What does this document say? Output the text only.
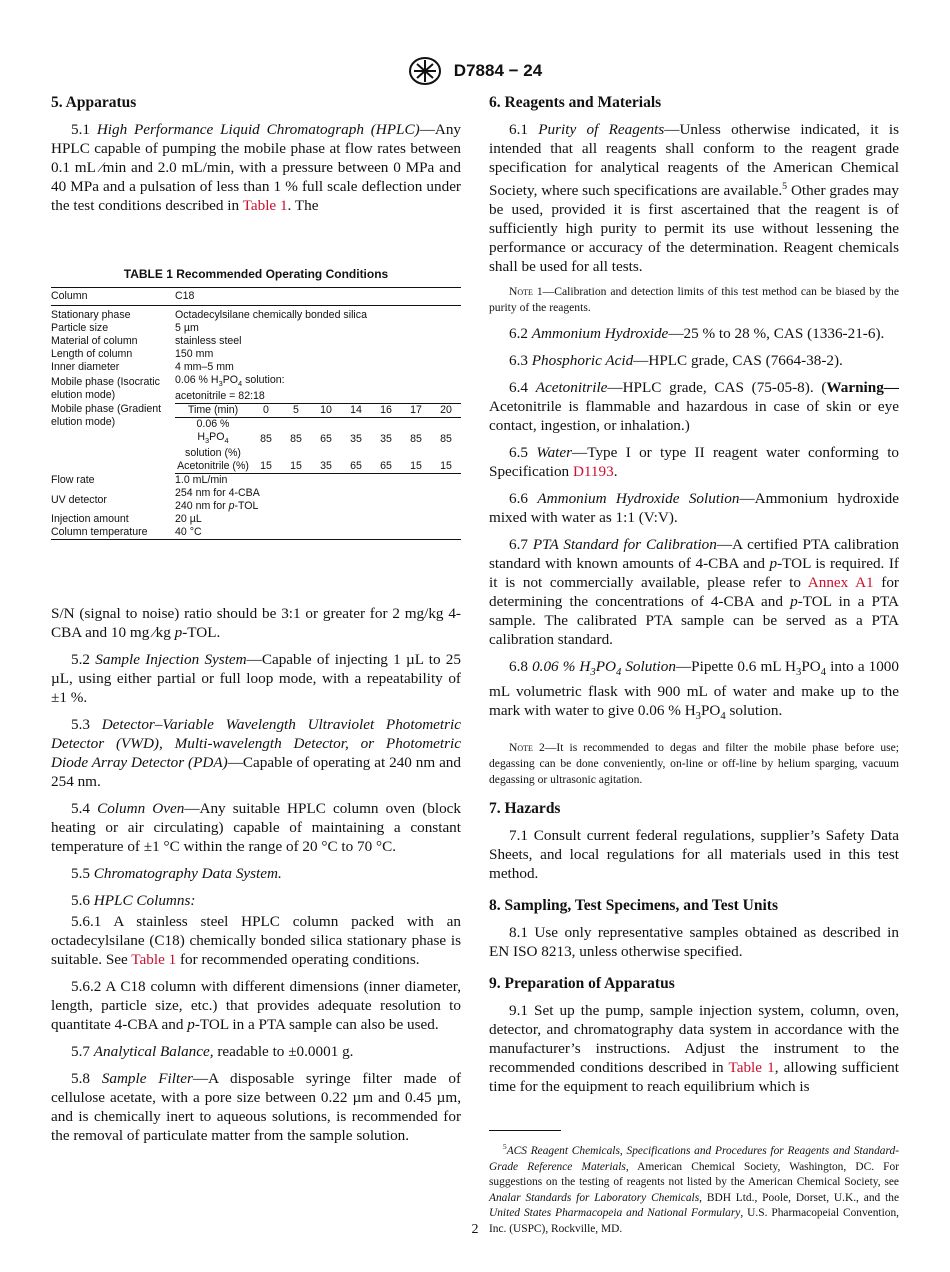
D7884 − 24
5. Apparatus

5.1 High Performance Liquid Chromatograph (HPLC)—Any HPLC capable of pumping the mobile phase at flow rates between 0.1 mL ⁄min and 2.0 mL/min, with a pressure between 0 MPa and 40 MPa and a pulsation of less than 1 % full scale deflection under the test conditions described in Table 1. The

TABLE 1 Recommended Operating Conditions
Column	C18
Stationary phase	Octadecylsilane chemically bonded silica
Particle size	5 µm
Material of column	stainless steel
Length of column	150 mm
Inner diameter	4 mm–5 mm
Mobile phase (Isocratic elution mode)	0.06 % $H_3PO_4$ solution:
acetonitrile = 82:18
Mobile phase (Gradient elution mode)	
Time (min)	0	5	10	14	16	17	20
0.06 %
$H_3PO_4$
solution (%)	85	85	65	35	35	85	85
Acetonitrile (%)	15	15	35	65	65	15	15

Flow rate	1.0 mL/min
UV detector	254 nm for 4-CBA
240 nm for p-TOL
Injection amount	20 µL
Column temperature	40 °C

S/N (signal to noise) ratio should be 3:1 or greater for 2 mg/kg 4-CBA and 10 mg ⁄kg p-TOL.

5.2 Sample Injection System—Capable of injecting 1 µL to 25 µL, using either partial or full loop mode, with a repeatability of ±1 %.

5.3 Detector–Variable Wavelength Ultraviolet Photometric Detector (VWD), Multi-wavelength Detector, or Photometric Diode Array Detector (PDA)—Capable of operating at 240 nm and 254 nm.

5.4 Column Oven—Any suitable HPLC column oven (block heating or air circulating) capable of maintaining a constant temperature of ±1 °C within the range of 20 °C to 70 °C.

5.5 Chromatography Data System.

5.6 HPLC Columns:

5.6.1 A stainless steel HPLC column packed with an octadecylsilane (C18) chemically bonded silica stationary phase is suitable. See Table 1 for recommended operating conditions.

5.6.2 A C18 column with different dimensions (inner diameter, length, particle size, etc.) that provides adequate resolution to quantitate 4-CBA and p-TOL in a PTA sample can also be used.

5.7 Analytical Balance, readable to ±0.0001 g.

5.8 Sample Filter—A disposable syringe filter made of cellulose acetate, with a pore size between 0.22 µm and 0.45 µm, and is chemically inert to aqueous solutions, is recommended for the removal of particulate matter from the sample solution.

6. Reagents and Materials

6.1 Purity of Reagents—Unless otherwise indicated, it is intended that all reagents shall conform to the reagent grade specification for analytical reagents of the American Chemical Society, where such specifications are available.$^5$ Other grades may be used, provided it is first ascertained that the reagent is of sufficiently high purity to permit its use without lessening the performance or accuracy of the determination. Reagent chemicals shall be used for all tests.

Note 1—Calibration and detection limits of this test method can be biased by the purity of the reagents.

6.2 Ammonium Hydroxide—25 % to 28 %, CAS (1336-21-6).

6.3 Phosphoric Acid—HPLC grade, CAS (7664-38-2).

6.4 Acetonitrile—HPLC grade, CAS (75-05-8). (Warning—Acetonitrile is flammable and hazardous in case of skin or eye contact, ingestion, or inhalation.)

6.5 Water—Type I or type II reagent water conforming to Specification D1193.

6.6 Ammonium Hydroxide Solution—Ammonium hydroxide mixed with water as 1:1 (V:V).

6.7 PTA Standard for Calibration—A certified PTA calibration standard with known amounts of 4-CBA and p-TOL is required. If it is not commercially available, please refer to Annex A1 for determining the concentrations of 4-CBA and p-TOL in a PTA sample. The calibrated PTA sample can be served as a PTA calibration standard.

6.8 0.06 % $H_3PO_4$ Solution—Pipette 0.6 mL $H_3PO_4$ into a 1000 mL volumetric flask with 900 mL of water and make up to the mark with water to give 0.06 % $H_3PO_4$ solution.

Note 2—It is recommended to degas and filter the mobile phase before use; degassing can be done conveniently, on-line or off-line by helium sparging, vacuum degassing or ultrasonic agitation.

7. Hazards

7.1 Consult current federal regulations, supplier’s Safety Data Sheets, and local regulations for all materials used in this test method.

8. Sampling, Test Specimens, and Test Units

8.1 Use only representative samples obtained as described in EN ISO 8213, unless otherwise specified.

9. Preparation of Apparatus

9.1 Set up the pump, sample injection system, column, oven, detector, and chromatography data system in accordance with the manufacturer’s instructions. Adjust the instrument to the recommended conditions described in Table 1, allowing sufficient time for the equipment to reach equilibrium which is

$^5$ACS Reagent Chemicals, Specifications and Procedures for Reagents and Standard-Grade Reference Materials, American Chemical Society, Washington, DC. For suggestions on the testing of reagents not listed by the American Chemical Society, see Analar Standards for Laboratory Chemicals, BDH Ltd., Poole, Dorset, U.K., and the United States Pharmacopeia and National Formulary, U.S. Pharmacopeial Convention, Inc. (USPC), Rockville, MD.

2
